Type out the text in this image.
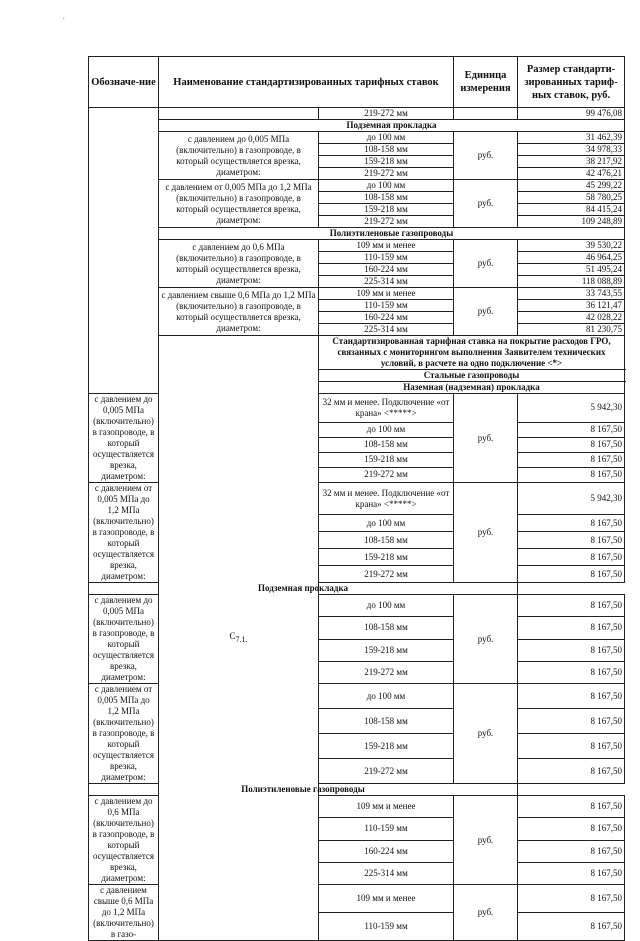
'
Обозначе-ние	Наименование стандартизированных тарифных ставок		Единица измерения	Размер стандарти-зированных тариф-ных ставок, руб.
		219-272 мм		99 476,08
	Подземная прокладка			
	с давлением до 0,005 МПа (включительно) в газопроводе, в который осуществляется врезка, диаметром:	до 100 мм	руб.	31 462,39
		108-158 мм		34 978,33
		159-218 мм		38 217,92
		219-272 мм		42 476,21
	с давлением от 0,005 МПа до 1,2 МПа (включительно) в газопроводе, в который осуществляется врезка, диаметром:	до 100 мм	руб.	45 299,22
		108-158 мм		58 780,25
		159-218 мм		84 415,24
		219-272 мм		109 248,89
	Полиэтиленовые газопроводы			
	с давлением до 0,6 МПа (включительно) в газопроводе, в который осуществляется врезка, диаметром:	109 мм и менее	руб.	39 530,22
		110-159 мм		46 964,25
		160-224 мм		51 495,24
		225-314 мм		118 088,89
	с давлением свыше 0,6 МПа до 1,2 МПа (включительно) в газопроводе, в который осуществляется врезка, диаметром:	109 мм и менее	руб.	33 743,55
		110-159 мм		36 121,47
		160-224 мм		42 028,22
		225-314 мм		81 230,75
	$С_{7.1.}$	Стандартизированная тарифная ставка на покрытие расходов ГРО, связанных с мониторингом выполнения Заявителем технических условий, в расчете на одно подключение <*>		
		Стальные газопроводы		
		Наземная (надземная) прокладка		
с давлением до 0,005 МПа (включительно) в газопроводе, в который осуществляется врезка, диаметром:		32 мм и менее. Подключение «от крана» <*****>	руб.	5 942,30
		до 100 мм		8 167,50
		108-158 мм		8 167,50
		159-218 мм		8 167,50
		219-272 мм		8 167,50
с давлением от 0,005 МПа до 1,2 МПа (включительно) в газопроводе, в который осуществляется врезка, диаметром:		32 мм и менее. Подключение «от крана» <*****>	руб.	5 942,30
		до 100 мм		8 167,50
		108-158 мм		8 167,50
		159-218 мм		8 167,50
		219-272 мм		8 167,50
Подземная прокладка				
с давлением до 0,005 МПа (включительно) в газопроводе, в который осуществляется врезка, диаметром:		до 100 мм	руб.	8 167,50
		108-158 мм		8 167,50
		159-218 мм		8 167,50
		219-272 мм		8 167,50
с давлением от 0,005 МПа до 1,2 МПа (включительно) в газопроводе, в который осуществляется врезка, диаметром:		до 100 мм	руб.	8 167,50
		108-158 мм		8 167,50
		159-218 мм		8 167,50
		219-272 мм		8 167,50
Полиэтиленовые газопроводы				
с давлением до 0,6 МПа (включительно) в газопроводе, в который осуществляется врезка, диаметром:		109 мм и менее	руб.	8 167,50
		110-159 мм		8 167,50
		160-224 мм		8 167,50
		225-314 мм		8 167,50
с давлением свыше 0,6 МПа до 1,2 МПа (включительно) в газо-		109 мм и менее	руб.	8 167,50
		110-159 мм		8 167,50
